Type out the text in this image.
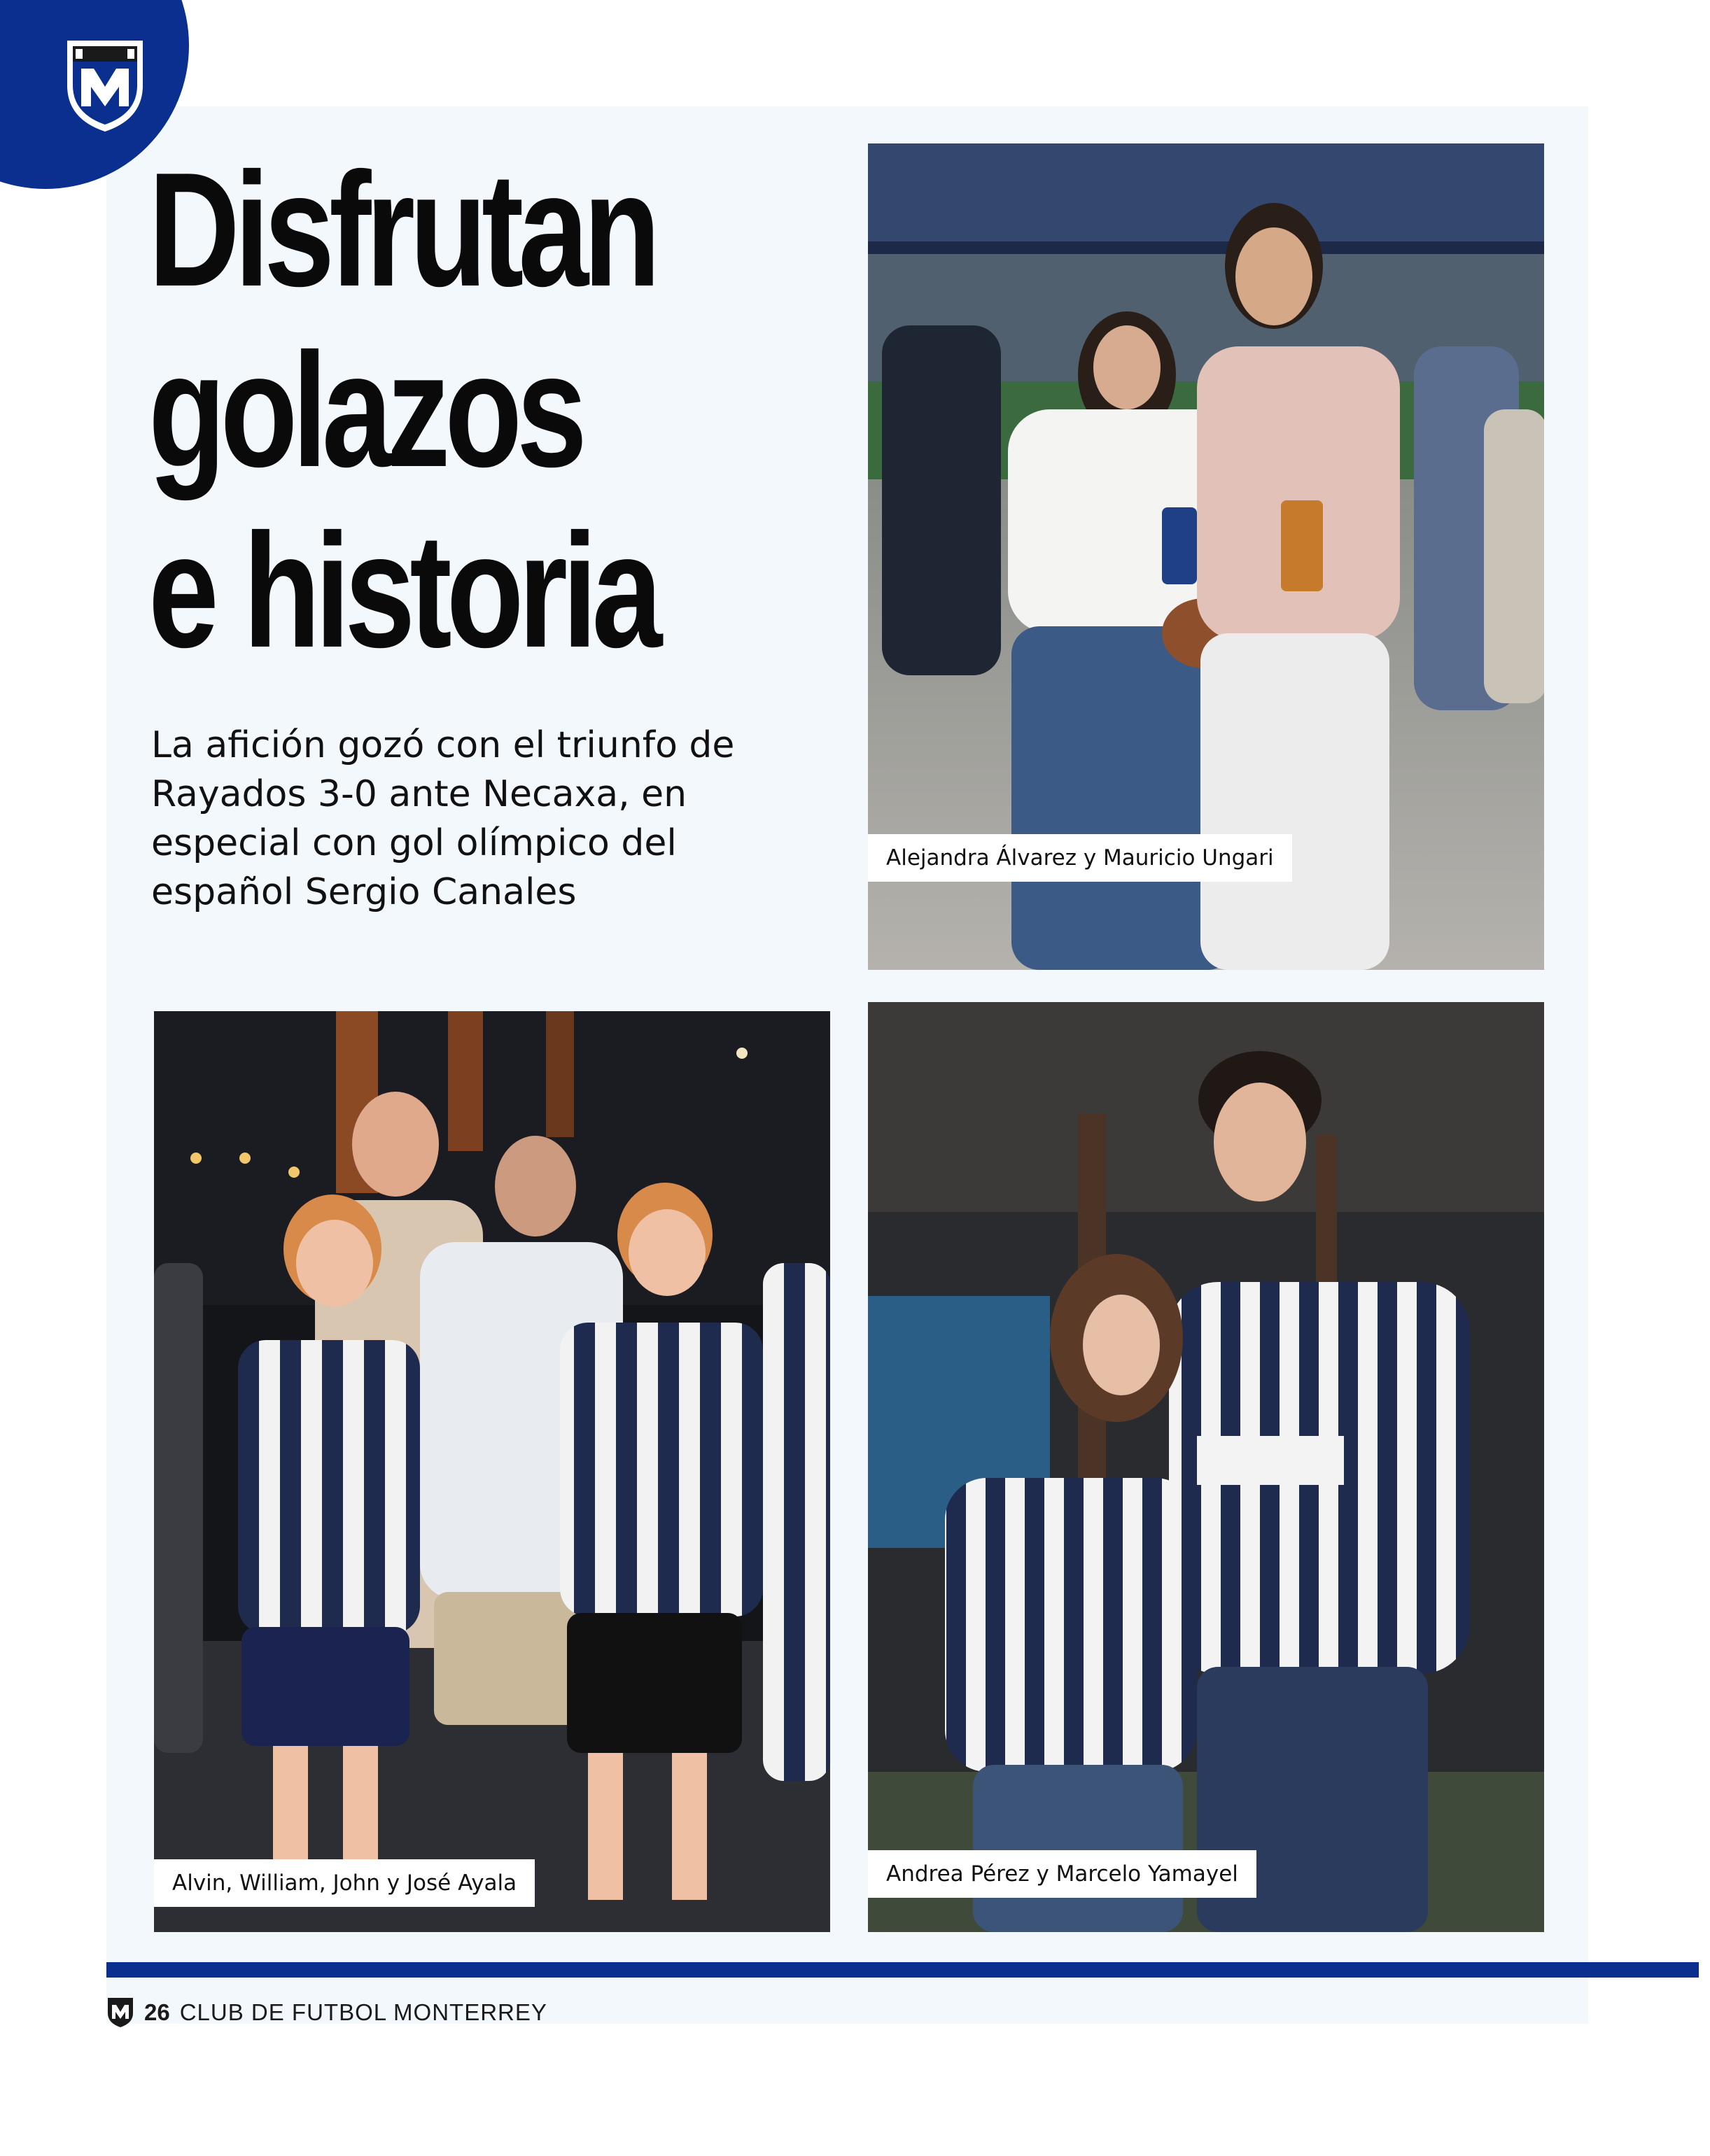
Disfrutan
golazos
e historia
La afición gozó con el triunfo de Rayados 3-0 ante Necaxa, en especial con gol olímpico del español Sergio Canales
Alejandra Álvarez y Mauricio Ungari
Alvin, William, John y José Ayala	Andrea Pérez y Marcelo Yamayel
26 CLUB DE FUTBOL MONTERREY
